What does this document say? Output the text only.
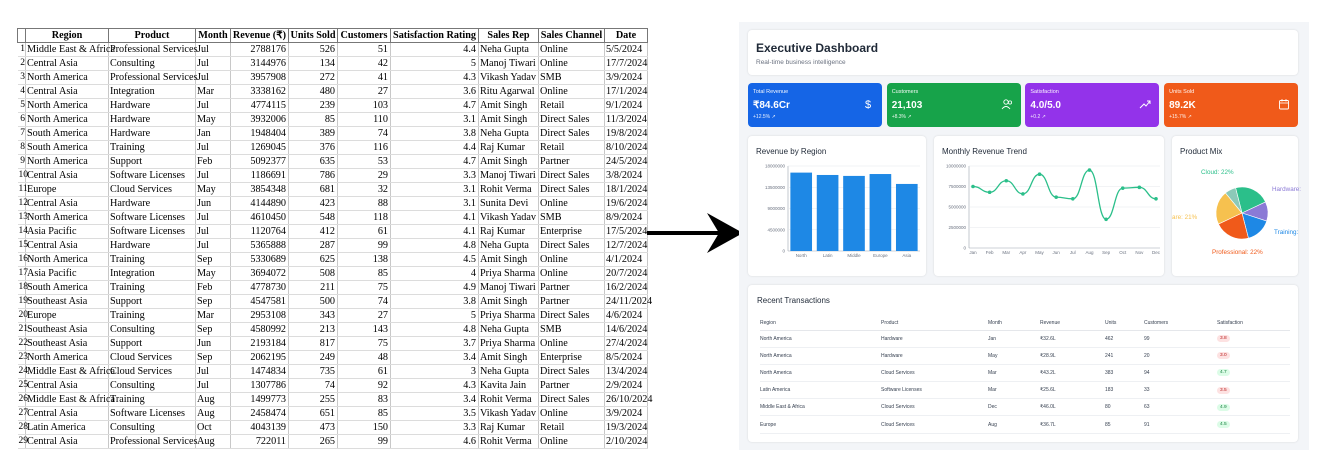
	Region	Product	Month	Revenue (₹)	Units Sold	Customers	Satisfaction Rating	Sales Rep	Sales Channel	Date
1	Middle East & Africa	Professional Services	Jul	2788176	526	51	4.4	Neha Gupta	Online	5/5/2024
2	Central Asia	Consulting	Jul	3144976	134	42	5	Manoj Tiwari	Online	17/7/2024
3	North America	Professional Services	Jul	3957908	272	41	4.3	Vikash Yadav	SMB	3/9/2024
4	Central Asia	Integration	Mar	3338162	480	27	3.6	Ritu Agarwal	Online	17/1/2024
5	North America	Hardware	Jul	4774115	239	103	4.7	Amit Singh	Retail	9/1/2024
6	North America	Hardware	May	3932006	85	110	3.1	Amit Singh	Direct Sales	11/3/2024
7	South America	Hardware	Jan	1948404	389	74	3.8	Neha Gupta	Direct Sales	19/8/2024
8	South America	Training	Jul	1269045	376	116	4.4	Raj Kumar	Retail	8/10/2024
9	North America	Support	Feb	5092377	635	53	4.7	Amit Singh	Partner	24/5/2024
10	Central Asia	Software Licenses	Jul	1186691	786	29	3.3	Manoj Tiwari	Direct Sales	3/8/2024
11	Europe	Cloud Services	May	3854348	681	32	3.1	Rohit Verma	Direct Sales	18/1/2024
12	Central Asia	Hardware	Jun	4144890	423	88	3.1	Sunita Devi	Online	19/6/2024
13	North America	Software Licenses	Jul	4610450	548	118	4.1	Vikash Yadav	SMB	8/9/2024
14	Asia Pacific	Software Licenses	Jul	1120764	412	61	4.1	Raj Kumar	Enterprise	17/5/2024
15	Central Asia	Hardware	Jul	5365888	287	99	4.8	Neha Gupta	Direct Sales	12/7/2024
16	North America	Training	Sep	5330689	625	138	4.5	Amit Singh	Online	4/1/2024
17	Asia Pacific	Integration	May	3694072	508	85	4	Priya Sharma	Online	20/7/2024
18	South America	Training	Feb	4778730	211	75	4.9	Manoj Tiwari	Partner	16/2/2024
19	Southeast Asia	Support	Sep	4547581	500	74	3.8	Amit Singh	Partner	24/11/2024
20	Europe	Training	Mar	2953108	343	27	5	Priya Sharma	Direct Sales	4/6/2024
21	Southeast Asia	Consulting	Sep	4580992	213	143	4.8	Neha Gupta	SMB	14/6/2024
22	Southeast Asia	Support	Jun	2193184	817	75	3.7	Priya Sharma	Online	27/4/2024
23	North America	Cloud Services	Sep	2062195	249	48	3.4	Amit Singh	Enterprise	8/5/2024
24	Middle East & Africa	Cloud Services	Jul	1474834	735	61	3	Neha Gupta	Direct Sales	13/4/2024
25	Central Asia	Consulting	Jul	1307786	74	92	4.3	Kavita Jain	Partner	2/9/2024
26	Middle East & Africa	Training	Aug	1499773	255	83	3.4	Rohit Verma	Direct Sales	26/10/2024
27	Central Asia	Software Licenses	Aug	2458474	651	85	3.5	Vikash Yadav	Online	3/9/2024
28	Latin America	Consulting	Oct	4043139	473	150	3.3	Raj Kumar	Retail	19/3/2024
29	Central Asia	Professional Services	Aug	722011	265	99	4.6	Rohit Verma	Online	2/10/2024
Executive Dashboard
Real-time business intelligence
Total Revenue
₹84.6Cr
+12.5% ↗
$
Customers
21,103
+8.3% ↗
Satisfaction
4.0/5.0
+0.2 ↗
Units Sold
89.2K
+15.7% ↗
Revenue by Region
0
4500000
9000000
13500000
18000000
North	Latin	Middle	Europe	Asia
Monthly Revenue Trend
0
2500000
5000000
7500000
10000000
Jan Feb Mar Apr May Jun Jul Aug Sep Oct Nov Dec
Product Mix
Cloud: 22%
Hardware:
Training:
Professional: 22%
are: 21%
Recent Transactions
Region	Product	Month	Revenue	Units	Customers	Satisfaction
North America	Hardware	Jan	₹32.6L	462	99	3.8
North America	Hardware	May	₹28.9L	241	20	3.0
North America	Cloud Services	Mar	₹43.2L	383	94	4.7
Latin America	Software Licenses	Mar	₹25.6L	183	33	3.5
Middle East & Africa	Cloud Services	Dec	₹46.0L	80	63	4.9
Europe	Cloud Services	Aug	₹36.7L	85	91	4.5
